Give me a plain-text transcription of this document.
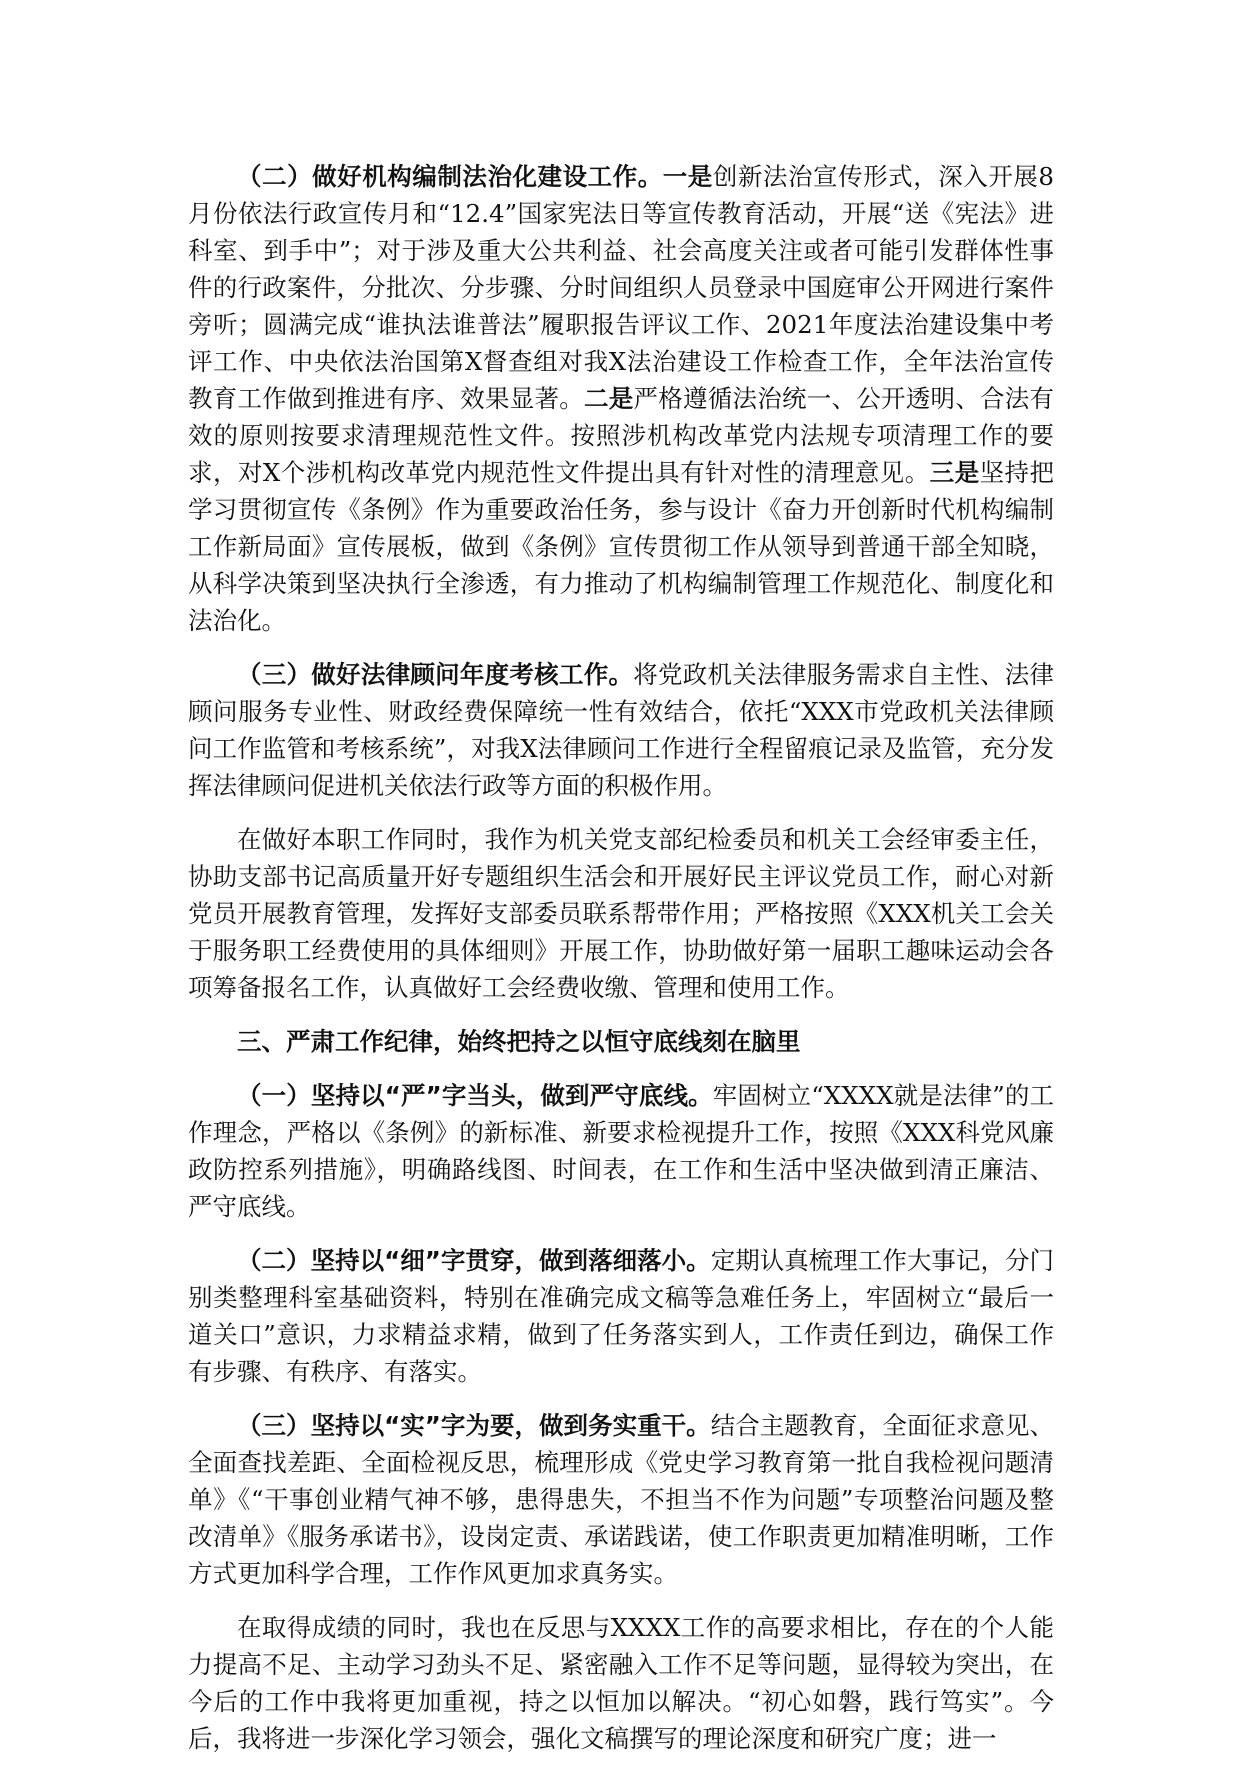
（二）做好机构编制法治化建设工作。一是创新法治宣传形式，深入开展8月份依法行政宣传月和“12.4”国家宪法日等宣传教育活动，开展“送《宪法》进科室、到手中”；对于涉及重大公共利益、社会高度关注或者可能引发群体性事件的行政案件，分批次、分步骤、分时间组织人员登录中国庭审公开网进行案件旁听；圆满完成“谁执法谁普法”履职报告评议工作、2021年度法治建设集中考评工作、中央依法治国第X督查组对我X法治建设工作检查工作，全年法治宣传教育工作做到推进有序、效果显著。二是严格遵循法治统一、公开透明、合法有效的原则按要求清理规范性文件。按照涉机构改革党内法规专项清理工作的要求，对X个涉机构改革党内规范性文件提出具有针对性的清理意见。三是坚持把学习贯彻宣传《条例》作为重要政治任务，参与设计《奋力开创新时代机构编制工作新局面》宣传展板，做到《条例》宣传贯彻工作从领导到普通干部全知晓，从科学决策到坚决执行全渗透，有力推动了机构编制管理工作规范化、制度化和法治化。

（三）做好法律顾问年度考核工作。将党政机关法律服务需求自主性、法律顾问服务专业性、财政经费保障统一性有效结合，依托“XXX市党政机关法律顾问工作监管和考核系统”，对我X法律顾问工作进行全程留痕记录及监管，充分发挥法律顾问促进机关依法行政等方面的积极作用。

在做好本职工作同时，我作为机关党支部纪检委员和机关工会经审委主任，协助支部书记高质量开好专题组织生活会和开展好民主评议党员工作，耐心对新党员开展教育管理，发挥好支部委员联系帮带作用；严格按照《XXX机关工会关于服务职工经费使用的具体细则》开展工作，协助做好第一届职工趣味运动会各项筹备报名工作，认真做好工会经费收缴、管理和使用工作。

三、严肃工作纪律，始终把持之以恒守底线刻在脑里

（一）坚持以“严”字当头，做到严守底线。牢固树立“XXXX就是法律”的工作理念，严格以《条例》的新标准、新要求检视提升工作，按照《XXX科党风廉政防控系列措施》，明确路线图、时间表，在工作和生活中坚决做到清正廉洁、严守底线。

（二）坚持以“细”字贯穿，做到落细落小。定期认真梳理工作大事记，分门别类整理科室基础资料，特别在准确完成文稿等急难任务上，牢固树立“最后一道关口”意识，力求精益求精，做到了任务落实到人，工作责任到边，确保工作有步骤、有秩序、有落实。

（三）坚持以“实”字为要，做到务实重干。结合主题教育，全面征求意见、全面查找差距、全面检视反思，梳理形成《党史学习教育第一批自我检视问题清单》《“干事创业精气神不够，患得患失，不担当不作为问题”专项整治问题及整改清单》《服务承诺书》，设岗定责、承诺践诺，使工作职责更加精准明晰，工作方式更加科学合理，工作作风更加求真务实。

在取得成绩的同时，我也在反思与XXXX工作的高要求相比，存在的个人能力提高不足、主动学习劲头不足、紧密融入工作不足等问题，显得较为突出，在今后的工作中我将更加重视，持之以恒加以解决。“初心如磐，践行笃实”。今后，我将进一步深化学习领会，强化文稿撰写的理论深度和研究广度；进一
